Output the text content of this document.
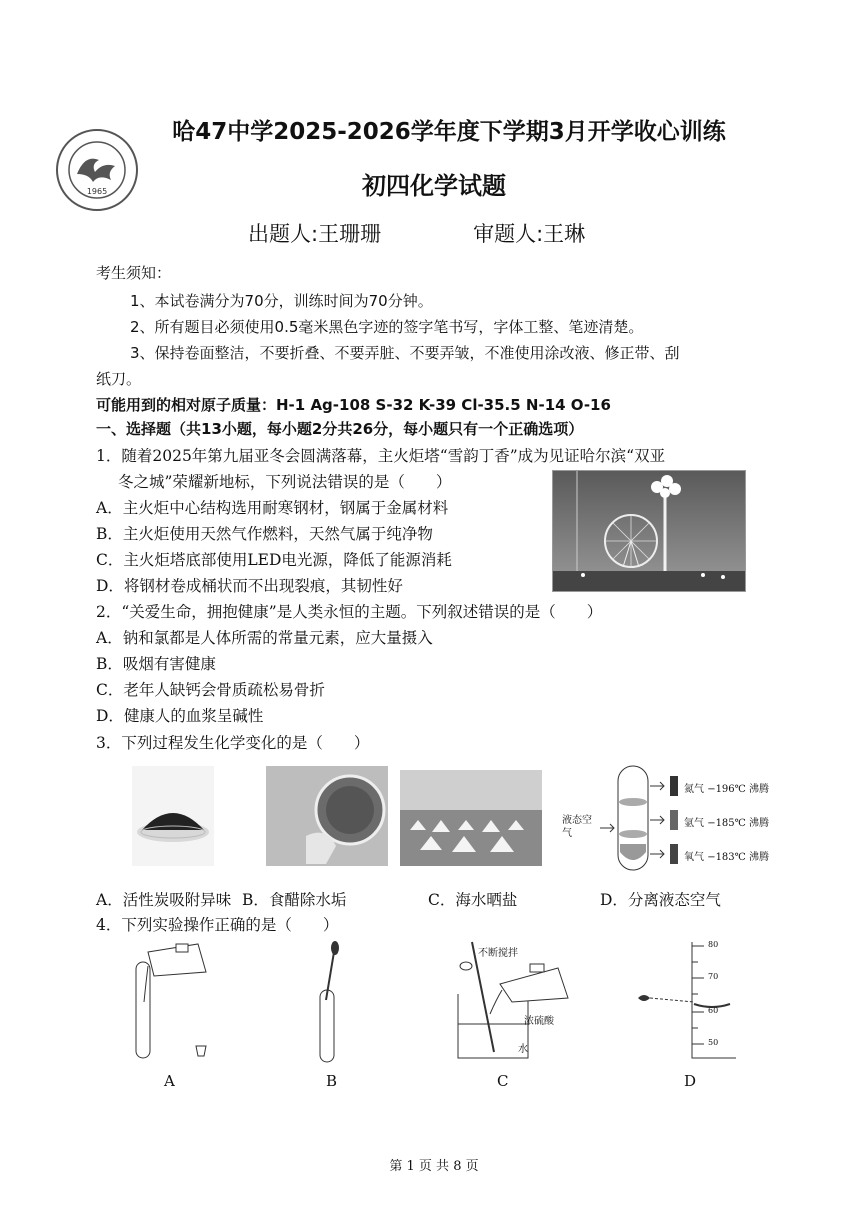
1965
哈47中学2025-2026学年度下学期3月开学收心训练
初四化学试题
出题人:王珊珊	审题人:王琳
考生须知：
1、本试卷满分为70分，训练时间为70分钟。
2、所有题目必须使用0.5毫米黑色字迹的签字笔书写，字体工整、笔迹清楚。
3、保持卷面整洁，不要折叠、不要弄脏、不要弄皱，不准使用涂改液、修正带、刮
纸刀。
可能用到的相对原子质量：H-1 Ag-108 S-32 K-39 Cl-35.5 N-14 O-16
一、选择题（共13小题，每小题2分共26分，每小题只有一个正确选项）
1．随着2025年第九届亚冬会圆满落幕，主火炬塔“雪韵丁香”成为见证哈尔滨“双亚
冬之城”荣耀新地标，下列说法错误的是（　　）
A．主火炬中心结构选用耐寒钢材，钢属于金属材料
B．主火炬使用天然气作燃料，天然气属于纯净物
C．主火炬塔底部使用LED电光源，降低了能源消耗
D．将钢材卷成桶状而不出现裂痕，其韧性好
2．“关爱生命，拥抱健康”是人类永恒的主题。下列叙述错误的是（　　）
A．钠和氯都是人体所需的常量元素，应大量摄入
B．吸烟有害健康
C．老年人缺钙会骨质疏松易骨折
D．健康人的血浆呈碱性
3．下列过程发生化学变化的是（　　）
液态空气
氮气 −196℃ 沸腾
氩气 −185℃ 沸腾
氧气 −183℃ 沸腾
A．活性炭吸附异味 B．食醋除水垢	C．海水晒盐	D．分离液态空气
4．下列实验操作正确的是（　　）
不断搅拌
浓硫酸
水
80
70
60
50
A	B	C	D
第 1 页 共 8 页
